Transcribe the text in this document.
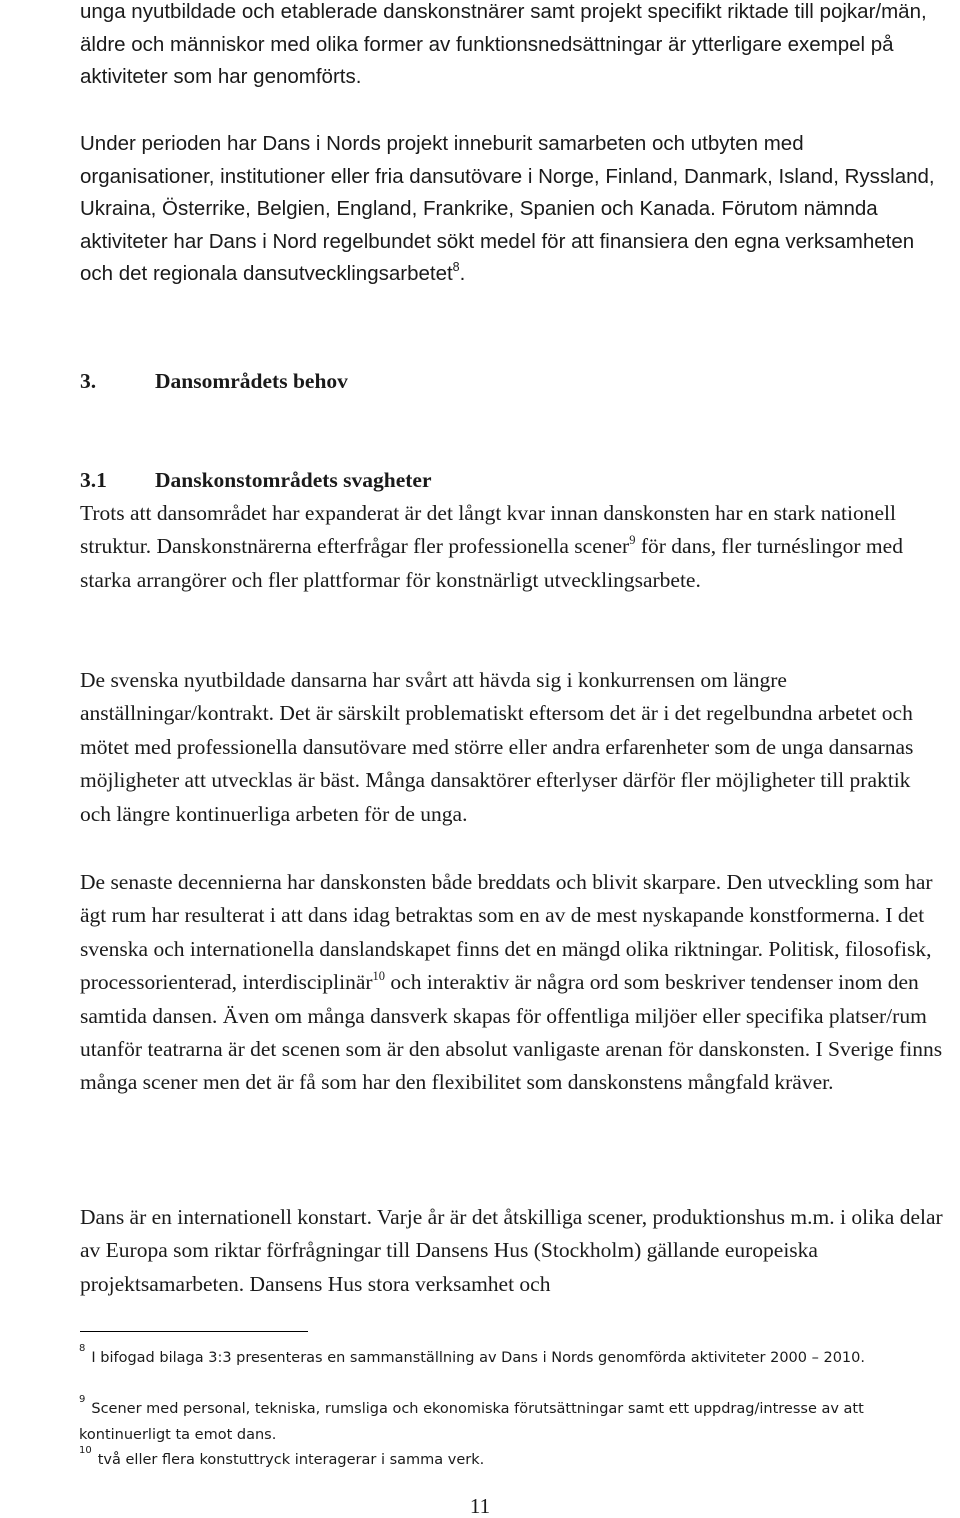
unga nyutbildade och etablerade danskonstnärer samt projekt specifikt riktade till pojkar/män, äldre och människor med olika former av funktionsnedsättningar är ytterligare exempel på aktiviteter som har genomförts.

Under perioden har Dans i Nords projekt inneburit samarbeten och utbyten med organisationer, institutioner eller fria dansutövare i Norge, Finland, Danmark, Island, Ryssland, Ukraina, Österrike, Belgien, England, Frankrike, Spanien och Kanada. Förutom nämnda aktiviteter har Dans i Nord regelbundet sökt medel för att finansiera den egna verksamheten och det regionala dansutvecklingsarbetet$^8$.

3.	Dansområdets behov
3.1 Danskonstområdets svagheter

Trots att dansområdet har expanderat är det långt kvar innan danskonsten har en stark nationell struktur. Danskonstnärerna efterfrågar fler professionella scener$^9$ för dans, fler turnéslingor med starka arrangörer och fler plattformar för konstnärligt utvecklingsarbete.

De svenska nyutbildade dansarna har svårt att hävda sig i konkurrensen om längre anställningar/kontrakt. Det är särskilt problematiskt eftersom det är i det regelbundna arbetet och mötet med professionella dansutövare med större eller andra erfarenheter som de unga dansarnas möjligheter att utvecklas är bäst. Många dansaktörer efterlyser därför fler möjligheter till praktik och längre kontinuerliga arbeten för de unga.

De senaste decennierna har danskonsten både breddats och blivit skarpare. Den utveckling som har ägt rum har resulterat i att dans idag betraktas som en av de mest nyskapande konstformerna. I det svenska och internationella danslandskapet finns det en mängd olika riktningar. Politisk, filosofisk, processorienterad, interdisciplinär$^{10}$ och interaktiv är några ord som beskriver tendenser inom den samtida dansen. Även om många dansverk skapas för offentliga miljöer eller specifika platser/rum utanför teatrarna är det scenen som är den absolut vanligaste arenan för danskonsten. I Sverige finns många scener men det är få som har den flexibilitet som danskonstens mångfald kräver.

Dans är en internationell konstart. Varje år är det åtskilliga scener, produktionshus m.m. i olika delar av Europa som riktar förfrågningar till Dansens Hus (Stockholm) gällande europeiska projektsamarbeten. Dansens Hus stora verksamhet och

$^8$I bifogad bilaga 3:3 presenteras en sammanställning av Dans i Nords genomförda aktiviteter 2000 – 2010.
$^9$Scener med personal, tekniska, rumsliga och ekonomiska förutsättningar samt ett uppdrag/intresse av att kontinuerligt ta emot dans.
$^{10}$två eller flera konstuttryck interagerar i samma verk.
11
